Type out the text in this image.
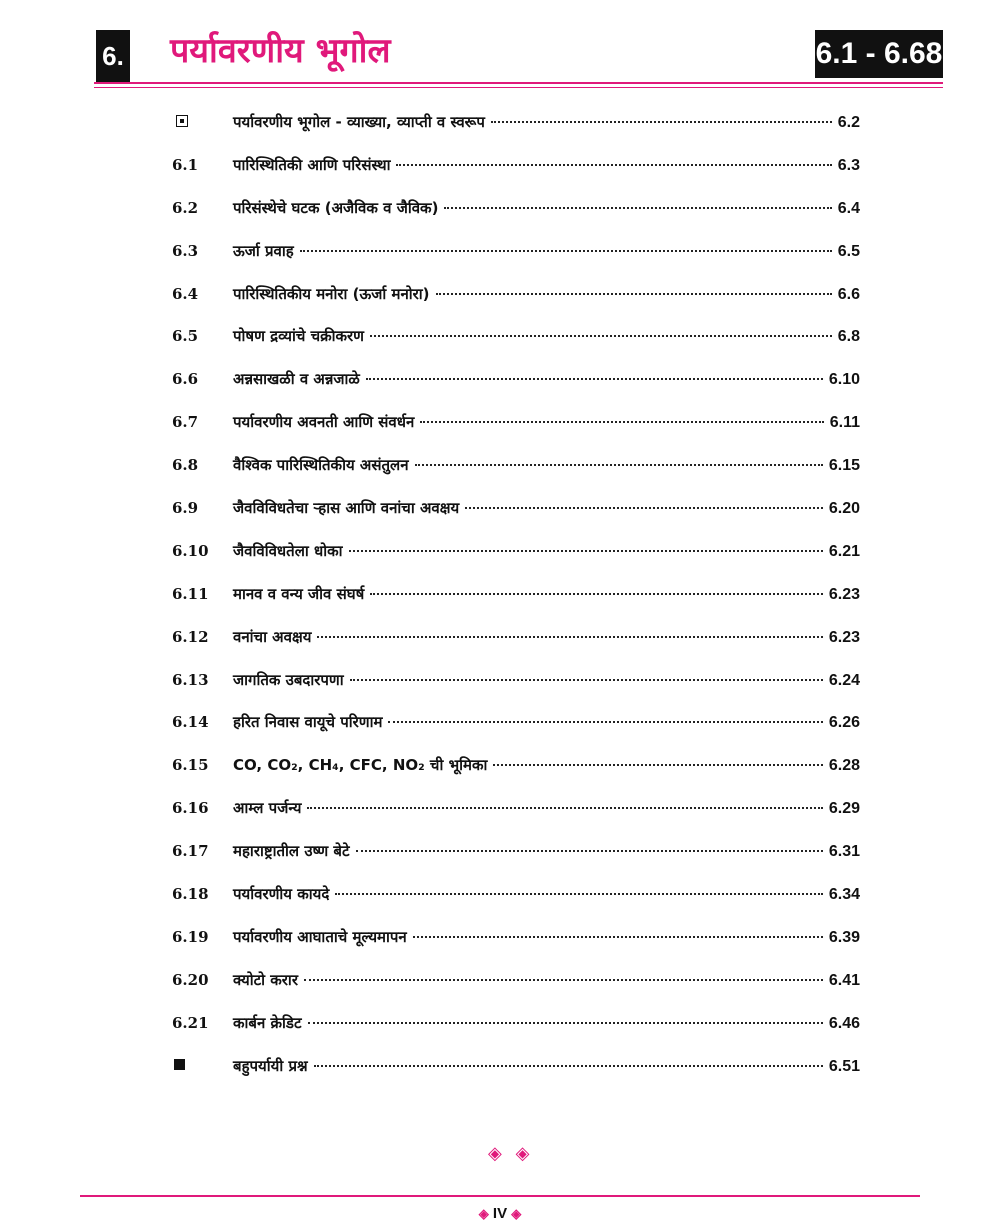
6. पर्यावरणीय भूगोल	6.1 - 6.68
पर्यावरणीय भूगोल - व्याख्या, व्याप्ती व स्वरूप	6.2
6.1	पारिस्थितिकी आणि परिसंस्था	6.3
6.2	परिसंस्थेचे घटक (अजैविक व जैविक)	6.4
6.3	ऊर्जा प्रवाह	6.5
6.4	पारिस्थितिकीय मनोरा (ऊर्जा मनोरा)	6.6
6.5	पोषण द्रव्यांचे चक्रीकरण	6.8
6.6	अन्नसाखळी व अन्नजाळे	6.10
6.7	पर्यावरणीय अवनती आणि संवर्धन	6.11
6.8	वैश्विक पारिस्थितिकीय असंतुलन	6.15
6.9	जैवविविधतेचा ऱ्हास आणि वनांचा अवक्षय	6.20
6.10	जैवविविधतेला धोका	6.21
6.11	मानव व वन्य जीव संघर्ष	6.23
6.12	वनांचा अवक्षय	6.23
6.13	जागतिक उबदारपणा	6.24
6.14	हरित निवास वायूचे परिणाम	6.26
6.15	CO, CO₂, CH₄, CFC, NO₂ ची भूमिका	6.28
6.16	आम्ल पर्जन्य	6.29
6.17	महाराष्ट्रातील उष्ण बेटे	6.31
6.18	पर्यावरणीय कायदे	6.34
6.19	पर्यावरणीय आघाताचे मूल्यमापन	6.39
6.20	क्योटो करार	6.41
6.21	कार्बन क्रेडिट	6.46
बहुपर्यायी प्रश्न	6.51
◈ ◈
◈ IV ◈
